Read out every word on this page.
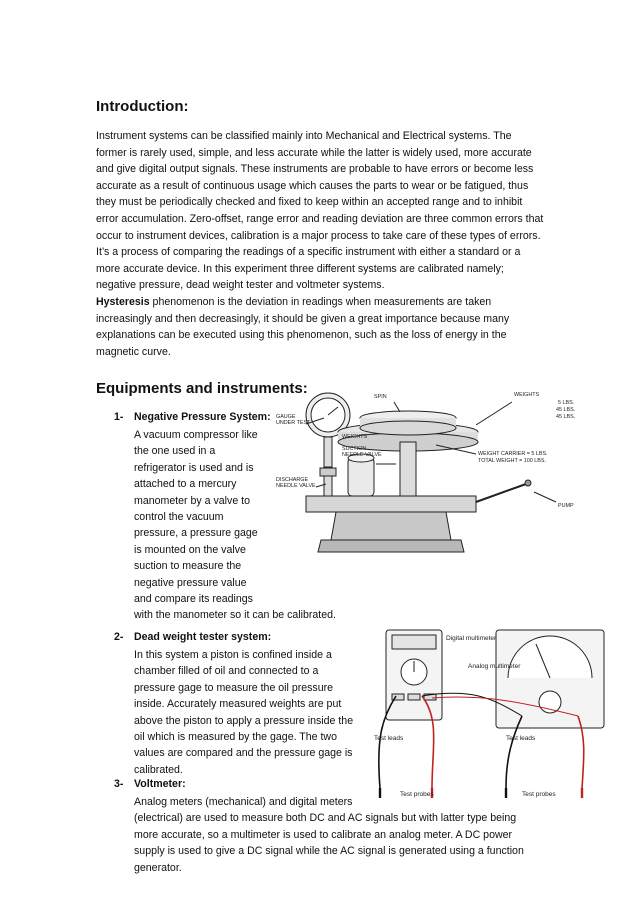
Introduction:

Instrument systems can be classified mainly into Mechanical and Electrical systems. The former is rarely used, simple, and less accurate while the latter is widely used, more accurate and give digital output signals. These instruments are probable to have errors or become less accurate as a result of continuous usage which causes the parts to wear or be fatigued, thus they must be periodically checked and fixed to keep within an accepted range and to inhibit error accumulation. Zero-offset, range error and reading deviation are three common errors that occur to instrument devices, calibration is a major process to take care of these types of errors. It’s a process of comparing the readings of a specific instrument with either a standard or a more accurate device. In this experiment three different systems are calibrated namely; negative pressure, dead weight tester and voltmeter systems.
Hysteresis phenomenon is the deviation in readings when measurements are taken increasingly and then decreasingly, it should be given a great importance because many explanations can be executed using this phenomenon, such as the loss of energy in the magnetic curve.

Equipments and instruments:
1- Negative Pressure System:
A vacuum compressor like
the one used in a
refrigerator is used and is
attached to a mercury
manometer by a valve to
control the vacuum
pressure, a pressure gage
is mounted on the valve
suction to measure the
negative pressure value
and compare its readings
with the manometer so it can be calibrated.
GAUGE
UNDER TEST
WEIGHTS
SPIN
SUCTION
NEEDLE VALVE
DISCHARGE
NEEDLE VALVE
WEIGHTS
5 LBS.
45 LBS.
45 LBS.
WEIGHT CARRIER = 5 LBS.
TOTAL WEIGHT = 100 LBS.
PUMP
2- Dead weight tester system:
In this system a piston is confined inside a
chamber filled of oil and connected to a
pressure gage to measure the oil pressure
inside. Accurately measured weights are put
above the piston to apply a pressure inside the
oil which is measured by the gage. The two
values are compared and the pressure gage is
calibrated.
Digital multimeter
Analog multimeter
Test leads	Test leads
Test probes	Test probes
3- Voltmeter:
Analog meters (mechanical) and digital meters
(electrical) are used to measure both DC and AC signals but with latter type being
more accurate, so a multimeter is used to calibrate an analog meter. A DC power
supply is used to give a DC signal while the AC signal is generated using a function
generator.
